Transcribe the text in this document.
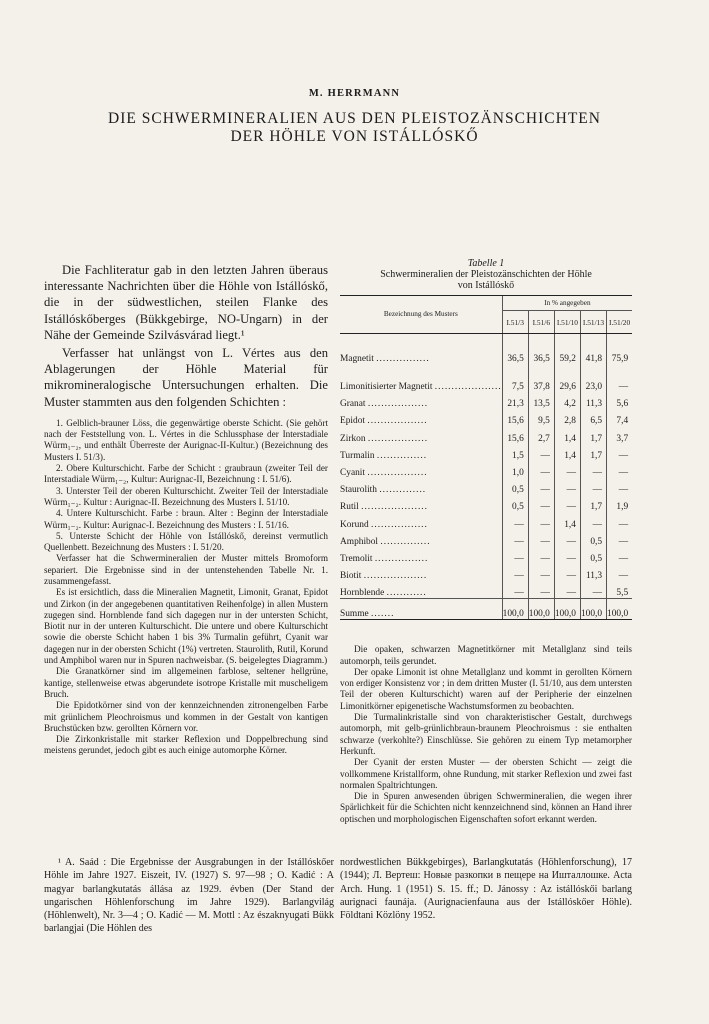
M. HERRMANN
DIE SCHWERMINERALIEN AUS DEN PLEISTOZÄNSCHICHTEN
DER HÖHLE VON ISTÁLLÓSKŐ

Die Fachliteratur gab in den letzten Jahren überaus interessante Nachrichten über die Höhle von Istállóskő, die in der südwestlichen, steilen Flanke des Istállóskőberges (Bükkgebirge, NO-Ungarn) in der Nähe der Gemeinde Szilvásvárad liegt.¹

Verfasser hat unlängst von L. Vértes aus den Ablagerungen der Höhle Material für mikromineralogische Untersuchungen erhalten. Die Muster stammten aus den folgenden Schichten :

1. Gelblich-brauner Löss, die gegenwärtige oberste Schicht. (Sie gehört nach der Feststellung von. L. Vértes in die Schlussphase der Interstadiale Würm₁₋₂, und enthält Überreste der Aurignac-II-Kultur.) (Bezeichnung des Musters I. 51/3).

2. Obere Kulturschicht. Farbe der Schicht : graubraun (zweiter Teil der Interstadiale Würm₁₋₂, Kultur: Aurignac-II, Bezeichnung : I. 51/6).

3. Unterster Teil der oberen Kulturschicht. Zweiter Teil der Interstadiale Würm₁₋₂. Kultur : Aurignac-II. Bezeichnung des Musters I. 51/10.

4. Untere Kulturschicht. Farbe : braun. Alter : Beginn der Interstadiale Würm₁₋₂. Kultur: Aurignac-I. Bezeichnung des Musters : I. 51/16.

5. Unterste Schicht der Höhle von Istállóskő, dereinst vermutlich Quellenbett. Bezeichnung des Musters : I. 51/20.

Verfasser hat die Schwermineralien der Muster mittels Bromoform separiert. Die Ergebnisse sind in der untenstehenden Tabelle Nr. 1. zusammengefasst.

Es ist ersichtlich, dass die Mineralien Magnetit, Limonit, Granat, Epidot und Zirkon (in der angegebenen quantitativen Reihenfolge) in allen Mustern zugegen sind. Hornblende fand sich dagegen nur in der untersten Schicht, Biotit nur in der unteren Kulturschicht. Die untere und obere Kulturschicht sowie die oberste Schicht haben 1 bis 3% Turmalin geführt, Cyanit war dagegen nur in der obersten Schicht (1%) vertreten. Staurolith, Rutil, Korund und Amphibol waren nur in Spuren nachweisbar. (S. beigelegtes Diagramm.)

Die Granatkörner sind im allgemeinen farblose, seltener hellgrüne, kantige, stellenweise etwas abgerundete isotrope Kristalle mit muscheligem Bruch.

Die Epidotkörner sind von der kennzeichnenden zitronengelben Farbe mit grünlichem Pleochroismus und kommen in der Gestalt von kantigen Bruchstücken bzw. gerollten Körnern vor.

Die Zirkonkristalle mit starker Reflexion und Doppelbrechung sind meistens gerundet, jedoch gibt es auch einige automorphe Körner.

Tabelle 1
Schwermineralien der Pleistozänschichten der Höhle
von Istállóskő
Bezeichnung des Musters	In % angegeben				
	I.51/3	I.51/6	I.51/10	I.51/13	I.51/20
Magnetit ................	36,5	36,5	59,2	41,8	75,9
Limonitisierter Magnetit ....................	7,5	37,8	29,6	23,0	—
Granat ..................	21,3	13,5	4,2	11,3	5,6
Epidot ..................	15,6	9,5	2,8	6,5	7,4
Zirkon ..................	15,6	2,7	1,4	1,7	3,7
Turmalin ...............	1,5	—	1,4	1,7	—
Cyanit ..................	1,0	—	—	—	—
Staurolith ..............	0,5	—	—	—	—
Rutil ....................	0,5	—	—	1,7	1,9
Korund .................	—	—	1,4	—	—
Amphibol ...............	—	—	—	0,5	—
Tremolit ................	—	—	—	0,5	—
Biotit ...................	—	—	—	11,3	—
Hornblende ............	—	—	—	—	5,5
Summe .......	100,0	100,0	100,0	100,0	100,0

Die opaken, schwarzen Magnetitkörner mit Metallglanz sind teils automorph, teils gerundet.

Der opake Limonit ist ohne Metallglanz und kommt in gerollten Körnern von erdiger Konsistenz vor ; in dem dritten Muster (I. 51/10, aus dem untersten Teil der oberen Kulturschicht) waren auf der Peripherie der einzelnen Limonitkörner epigenetische Wachstumsformen zu beobachten.

Die Turmalinkristalle sind von charakteristischer Gestalt, durchwegs automorph, mit gelb-grünlichbraun-braunem Pleochroismus : sie enthalten schwarze (verkohlte?) Einschlüsse. Sie gehören zu einem Typ metamorpher Herkunft.

Der Cyanit der ersten Muster — der obersten Schicht — zeigt die vollkommene Kristallform, ohne Rundung, mit starker Reflexion und zwei fast normalen Spaltrichtungen.

Die in Spuren anwesenden übrigen Schwermineralien, die wegen ihrer Spärlichkeit für die Schichten nicht kennzeichnend sind, können an Hand ihrer optischen und morphologischen Eigenschaften sofort erkannt werden.

¹ A. Saád : Die Ergebnisse der Ausgrabungen in der Istállóskőer Höhle im Jahre 1927. Eiszeit, IV. (1927) S. 97—98 ; O. Kadić : A magyar barlangkutatás állása az 1929. évben (Der Stand der ungarischen Höhlenforschung im Jahre 1929). Barlangvilág (Höhlenwelt), Nr. 3—4 ; O. Kadić — M. Mottl : Az északnyugati Bükk barlangjai (Die Höhlen des

nordwestlichen Bükkgebirges), Barlangkutatás (Höhlenforschung), 17 (1944); Л. Вертеш: Новые разкопки в пещере на Ишталлошке. Acta Arch. Hung. 1 (1951) S. 15. ff.; D. Jánossy : Az istállóskői barlang aurignaci faunája. (Aurignacienfauna aus der Istállóskőer Höhle). Földtani Közlöny 1952.
